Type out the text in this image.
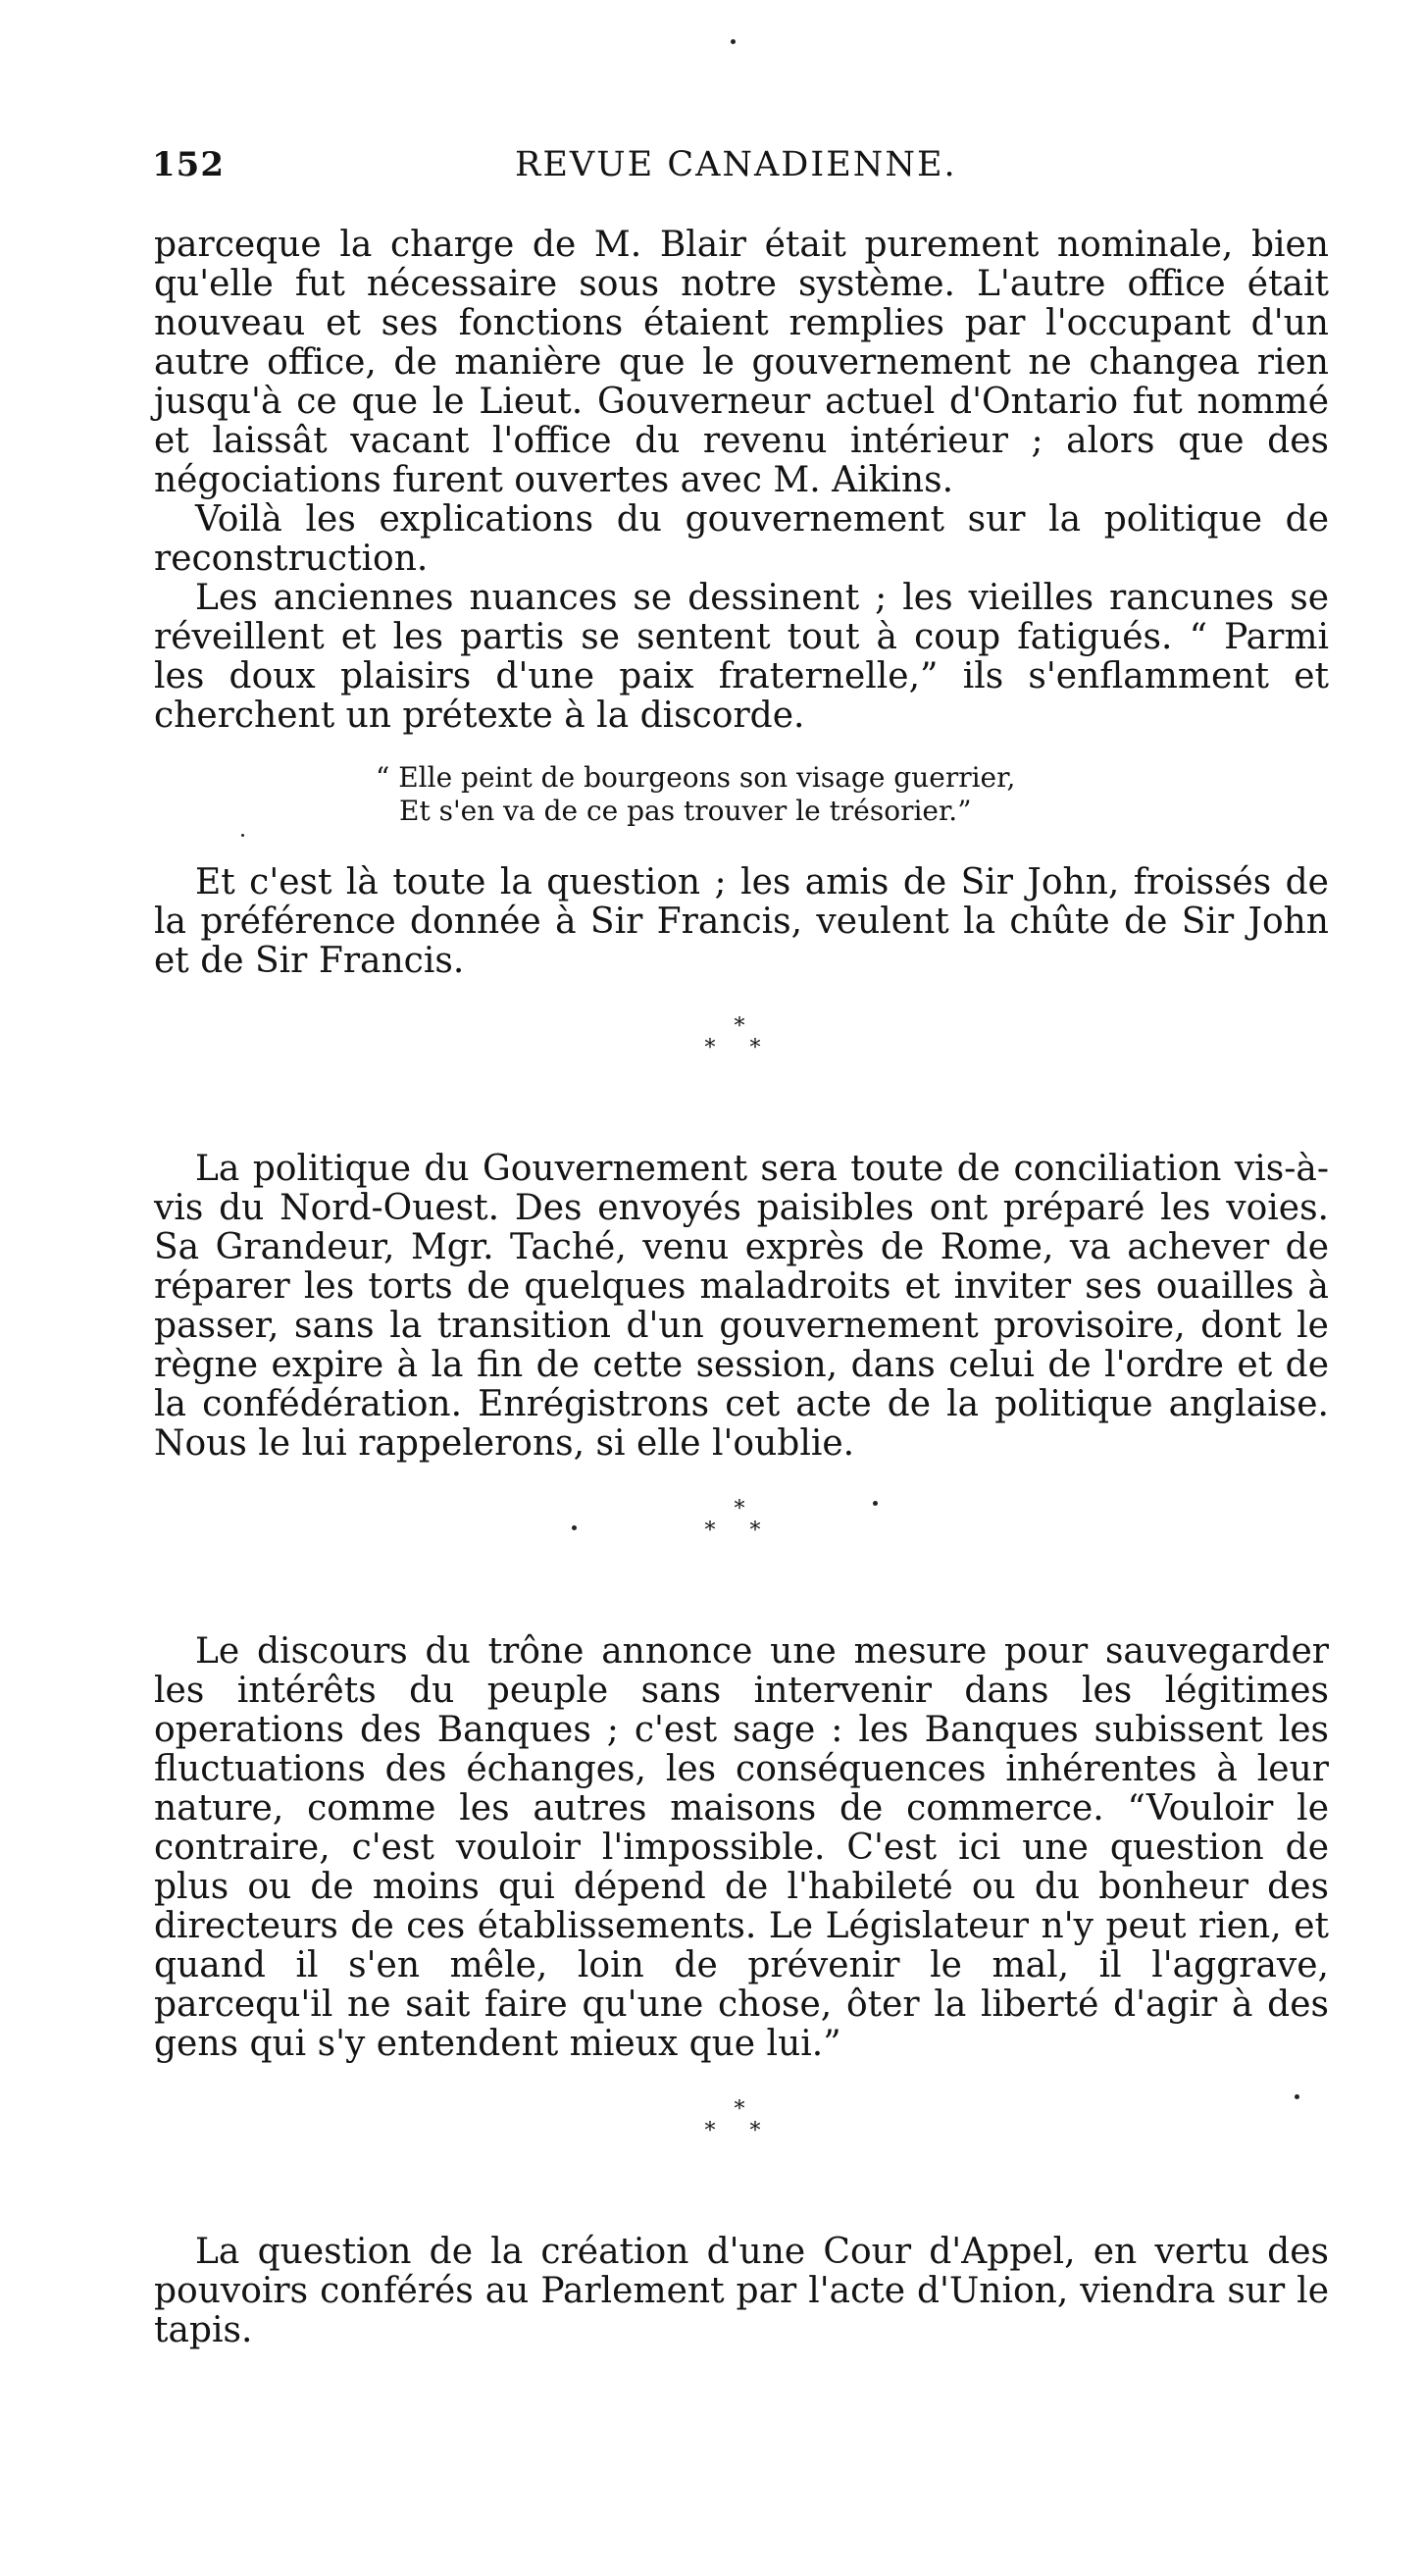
152	REVUE CANADIENNE.

parceque la charge de M. Blair était purement nominale, bien qu'elle fut nécessaire sous notre système. L'autre office était nouveau et ses fonctions étaient remplies par l'occupant d'un autre office, de manière que le gouvernement ne changea rien jusqu'à ce que le Lieut. Gouverneur actuel d'Ontario fut nommé et laissât vacant l'office du revenu intérieur ; alors que des négociations furent ouvertes avec M. Aikins.

Voilà les explications du gouvernement sur la politique de reconstruction.

Les anciennes nuances se dessinent ; les vieilles rancunes se réveillent et les partis se sentent tout à coup fatigués. “ Parmi les doux plaisirs d'une paix fraternelle,” ils s'enflamment et cherchent un prétexte à la discorde.

“ Elle peint de bourgeons son visage guerrier,
Et s'en va de ce pas trouver le trésorier.”

Et c'est là toute la question ; les amis de Sir John, froissés de la préférence donnée à Sir Francis, veulent la chûte de Sir John et de Sir Francis.

*
* *

La politique du Gouvernement sera toute de conciliation vis-à-vis du Nord-Ouest. Des envoyés paisibles ont préparé les voies. Sa Grandeur, Mgr. Taché, venu exprès de Rome, va achever de réparer les torts de quelques maladroits et inviter ses ouailles à passer, sans la transition d'un gouvernement provisoire, dont le règne expire à la fin de cette session, dans celui de l'ordre et de la confédération. Enrégistrons cet acte de la politique anglaise. Nous le lui rappelerons, si elle l'oublie.

*
* *

Le discours du trône annonce une mesure pour sauvegarder les intérêts du peuple sans intervenir dans les légitimes operations des Banques ; c'est sage : les Banques subissent les fluctuations des échanges, les conséquences inhérentes à leur nature, comme les autres maisons de commerce. “Vouloir le contraire, c'est vouloir l'impossible. C'est ici une question de plus ou de moins qui dépend de l'habileté ou du bonheur des directeurs de ces établissements. Le Législateur n'y peut rien, et quand il s'en mêle, loin de prévenir le mal, il l'aggrave, parcequ'il ne sait faire qu'une chose, ôter la liberté d'agir à des gens qui s'y entendent mieux que lui.”

*
* *

La question de la création d'une Cour d'Appel, en vertu des pouvoirs conférés au Parlement par l'acte d'Union, viendra sur le tapis.
